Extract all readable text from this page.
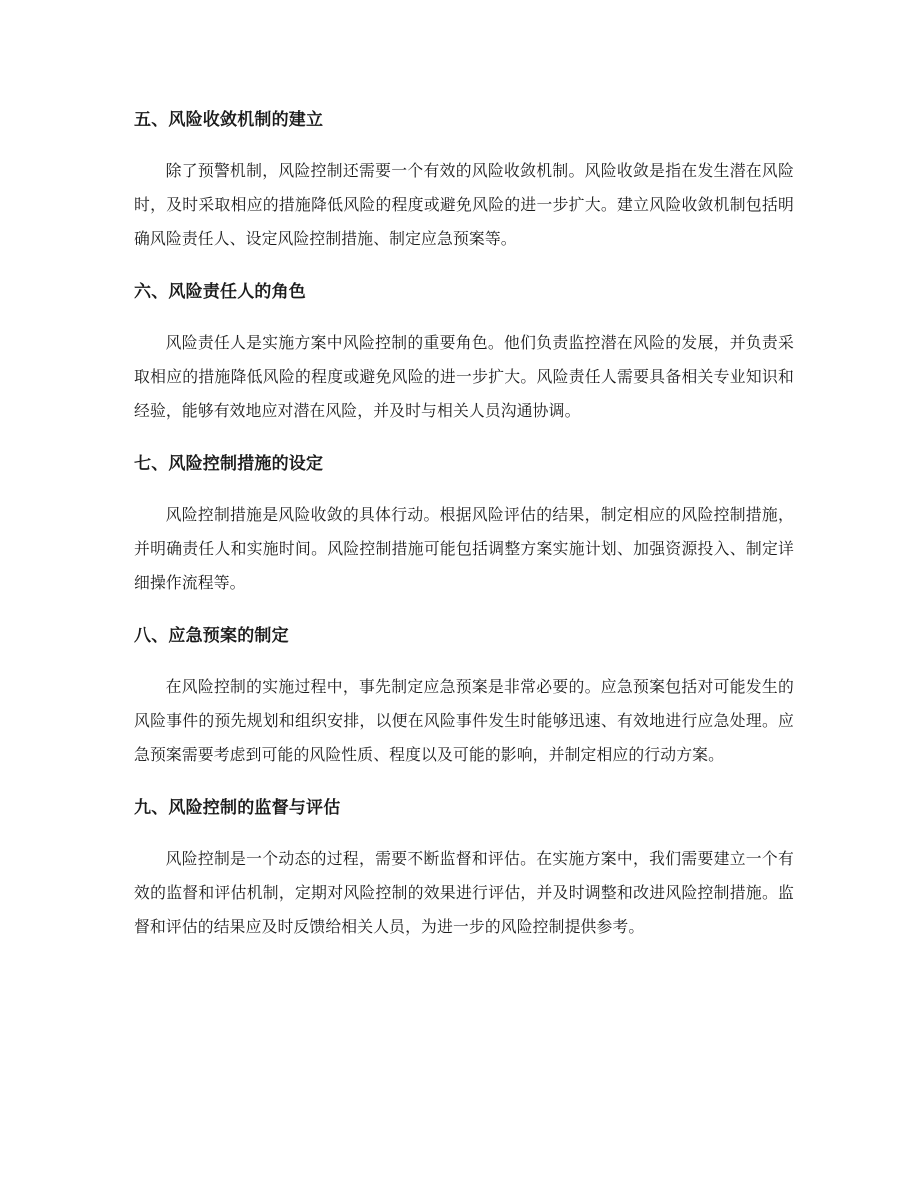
五、风险收敛机制的建立

除了预警机制，风险控制还需要一个有效的风险收敛机制。风险收敛是指在发生潜在风险时，及时采取相应的措施降低风险的程度或避免风险的进一步扩大。建立风险收敛机制包括明确风险责任人、设定风险控制措施、制定应急预案等。

六、风险责任人的角色

风险责任人是实施方案中风险控制的重要角色。他们负责监控潜在风险的发展，并负责采取相应的措施降低风险的程度或避免风险的进一步扩大。风险责任人需要具备相关专业知识和经验，能够有效地应对潜在风险，并及时与相关人员沟通协调。

七、风险控制措施的设定

风险控制措施是风险收敛的具体行动。根据风险评估的结果，制定相应的风险控制措施，并明确责任人和实施时间。风险控制措施可能包括调整方案实施计划、加强资源投入、制定详细操作流程等。

八、应急预案的制定

在风险控制的实施过程中，事先制定应急预案是非常必要的。应急预案包括对可能发生的风险事件的预先规划和组织安排，以便在风险事件发生时能够迅速、有效地进行应急处理。应急预案需要考虑到可能的风险性质、程度以及可能的影响，并制定相应的行动方案。

九、风险控制的监督与评估

风险控制是一个动态的过程，需要不断监督和评估。在实施方案中，我们需要建立一个有效的监督和评估机制，定期对风险控制的效果进行评估，并及时调整和改进风险控制措施。监督和评估的结果应及时反馈给相关人员，为进一步的风险控制提供参考。
